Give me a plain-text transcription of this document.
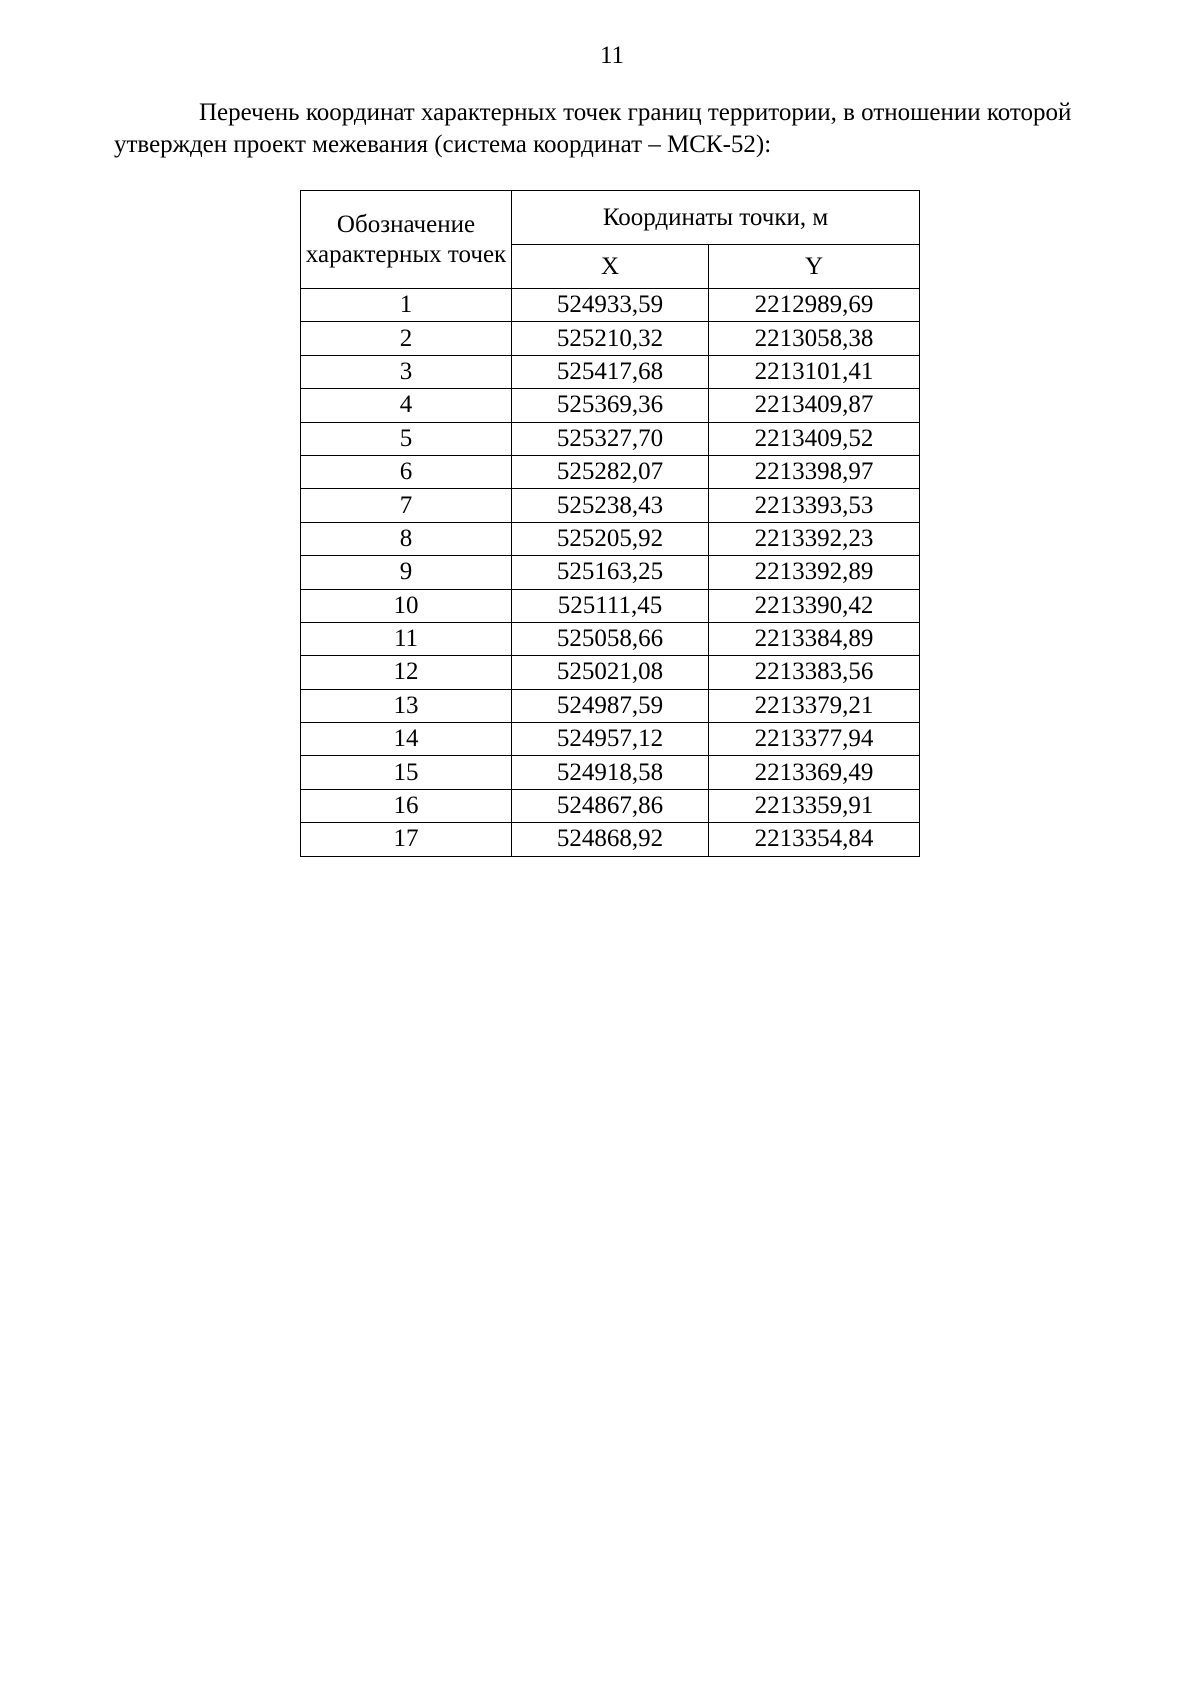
11
Перечень координат характерных точек границ территории, в отношении которой утвержден проект межевания (система координат – МСК-52):
Обозначение характерных точек	Координаты точки, м	
	X	Y
1	524933,59	2212989,69
2	525210,32	2213058,38
3	525417,68	2213101,41
4	525369,36	2213409,87
5	525327,70	2213409,52
6	525282,07	2213398,97
7	525238,43	2213393,53
8	525205,92	2213392,23
9	525163,25	2213392,89
10	525111,45	2213390,42
11	525058,66	2213384,89
12	525021,08	2213383,56
13	524987,59	2213379,21
14	524957,12	2213377,94
15	524918,58	2213369,49
16	524867,86	2213359,91
17	524868,92	2213354,84
